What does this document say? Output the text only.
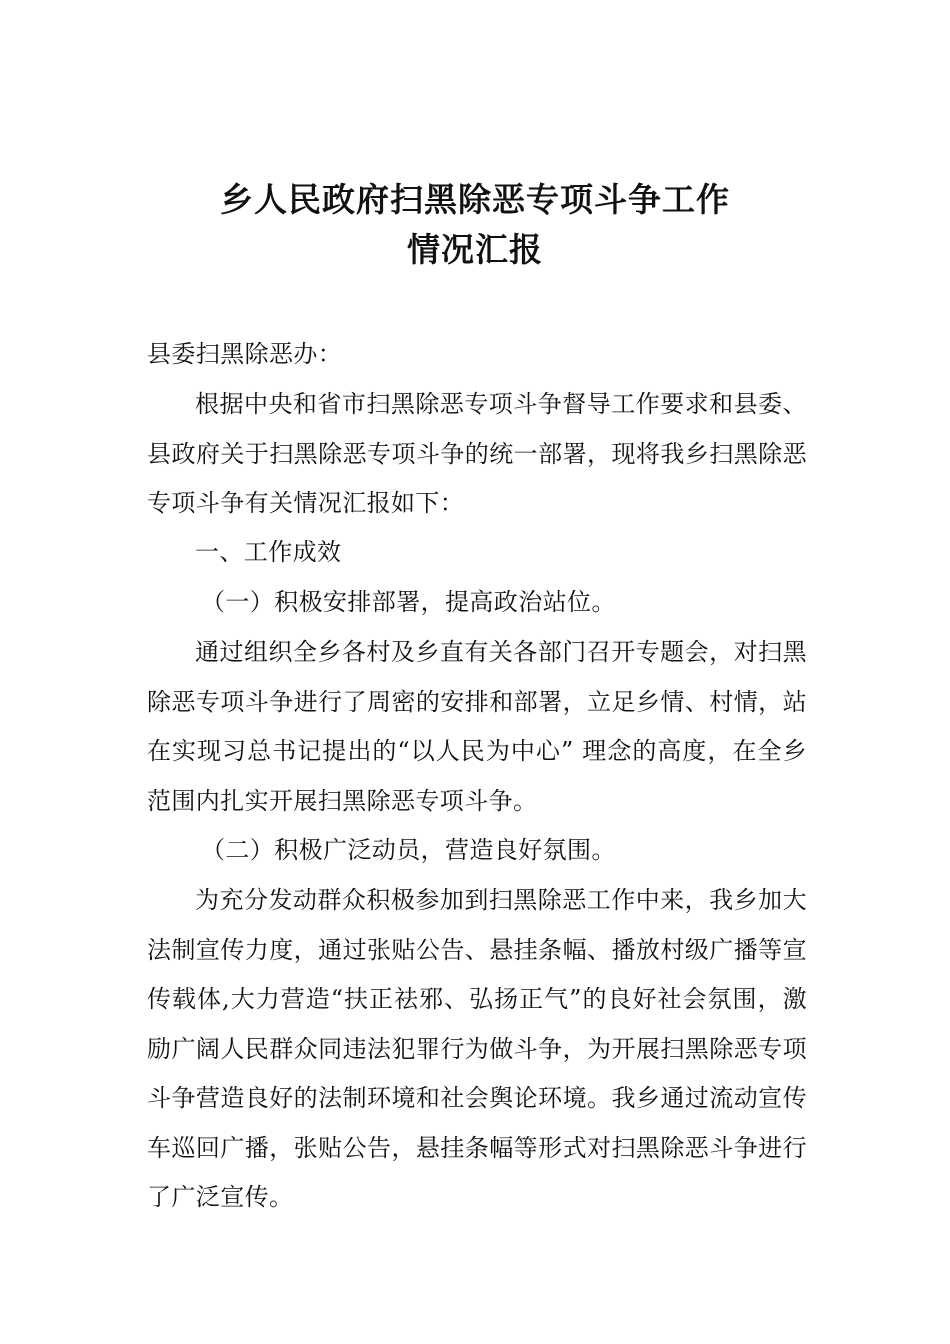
乡人民政府扫黑除恶专项斗争工作
情况汇报
县委扫黑除恶办：
根据中央和省市扫黑除恶专项斗争督导工作要求和县委、县政府关于扫黑除恶专项斗争的统一部署，现将我乡扫黑除恶专项斗争有关情况汇报如下：
一、工作成效
（一）积极安排部署，提高政治站位。
通过组织全乡各村及乡直有关各部门召开专题会，对扫黑除恶专项斗争进行了周密的安排和部署，立足乡情、村情，站在实现习总书记提出的“以人民为中心” 理念的高度，在全乡范围内扎实开展扫黑除恶专项斗争。
（二）积极广泛动员，营造良好氛围。
为充分发动群众积极参加到扫黑除恶工作中来，我乡加大法制宣传力度，通过张贴公告、悬挂条幅、播放村级广播等宣传载体,大力营造“扶正祛邪、弘扬正气”的良好社会氛围，激励广阔人民群众同违法犯罪行为做斗争，为开展扫黑除恶专项斗争营造良好的法制环境和社会舆论环境。我乡通过流动宣传车巡回广播，张贴公告，悬挂条幅等形式对扫黑除恶斗争进行了广泛宣传。
